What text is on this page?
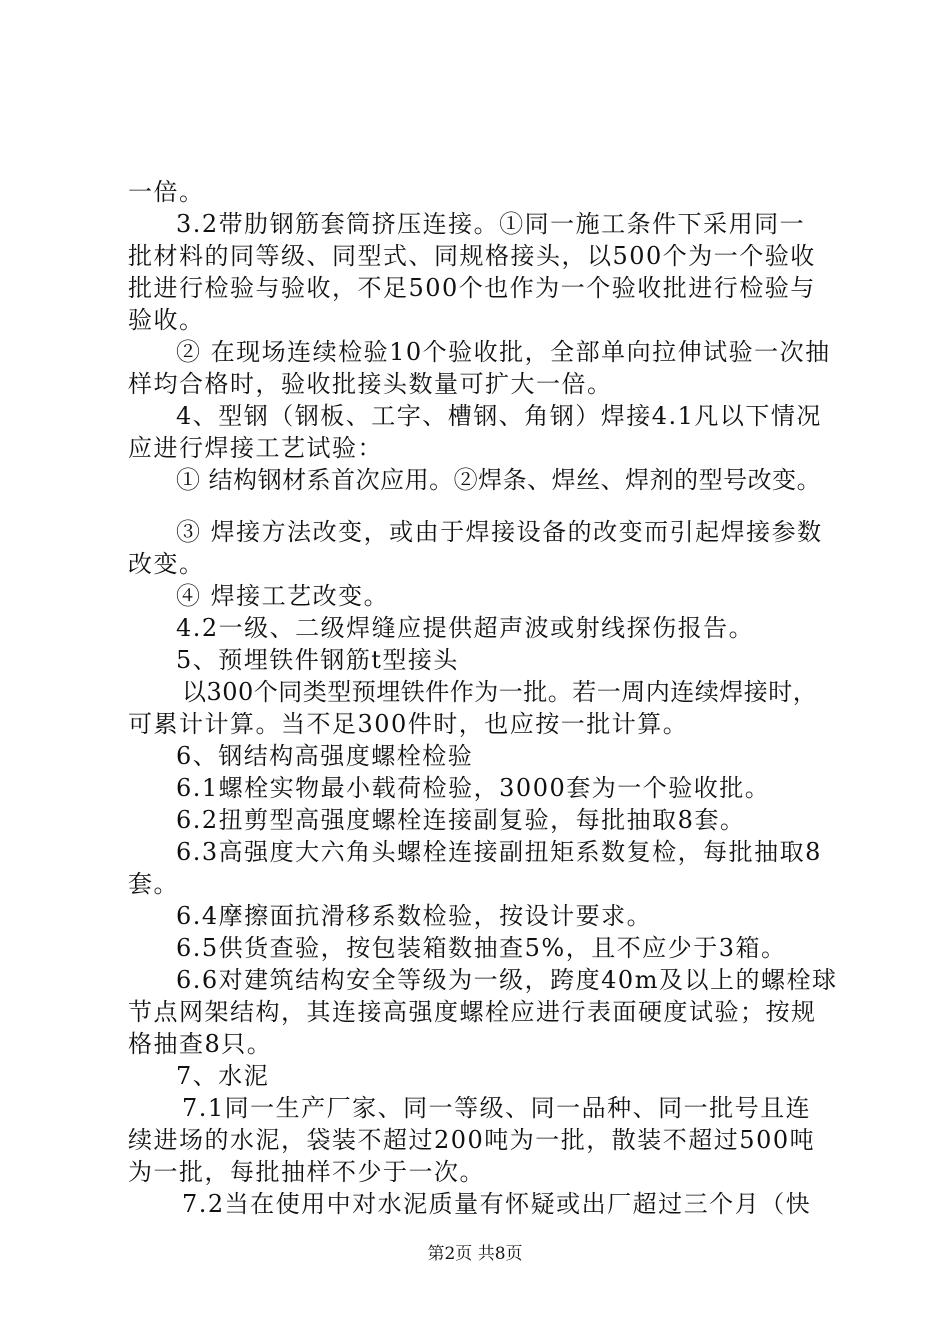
一倍。
3.2带肋钢筋套筒挤压连接。①同一施工条件下采用同一
批材料的同等级、同型式、同规格接头，以500个为一个验收
批进行检验与验收，不足500个也作为一个验收批进行检验与
验收。
② 在现场连续检验10个验收批，全部单向拉伸试验一次抽
样均合格时，验收批接头数量可扩大一倍。
4、型钢（钢板、工字、槽钢、角钢）焊接4.1凡以下情况
应进行焊接工艺试验：
① 结构钢材系首次应用。②焊条、焊丝、焊剂的型号改变。
③ 焊接方法改变，或由于焊接设备的改变而引起焊接参数
改变。
④ 焊接工艺改变。
4.2一级、二级焊缝应提供超声波或射线探伤报告。
5、预埋铁件钢筋t型接头
以300个同类型预埋铁件作为一批。若一周内连续焊接时，
可累计计算。当不足300件时，也应按一批计算。
6、钢结构高强度螺栓检验
6.1螺栓实物最小载荷检验，3000套为一个验收批。
6.2扭剪型高强度螺栓连接副复验，每批抽取8套。
6.3高强度大六角头螺栓连接副扭矩系数复检，每批抽取8
套。
6.4摩擦面抗滑移系数检验，按设计要求。
6.5供货查验，按包装箱数抽查5%，且不应少于3箱。
6.6对建筑结构安全等级为一级，跨度40m及以上的螺栓球
节点网架结构，其连接高强度螺栓应进行表面硬度试验；按规
格抽查8只。
7、水泥
7.1同一生产厂家、同一等级、同一品种、同一批号且连
续进场的水泥，袋装不超过200吨为一批，散装不超过500吨
为一批，每批抽样不少于一次。
7.2当在使用中对水泥质量有怀疑或出厂超过三个月（快
第2页 共8页
